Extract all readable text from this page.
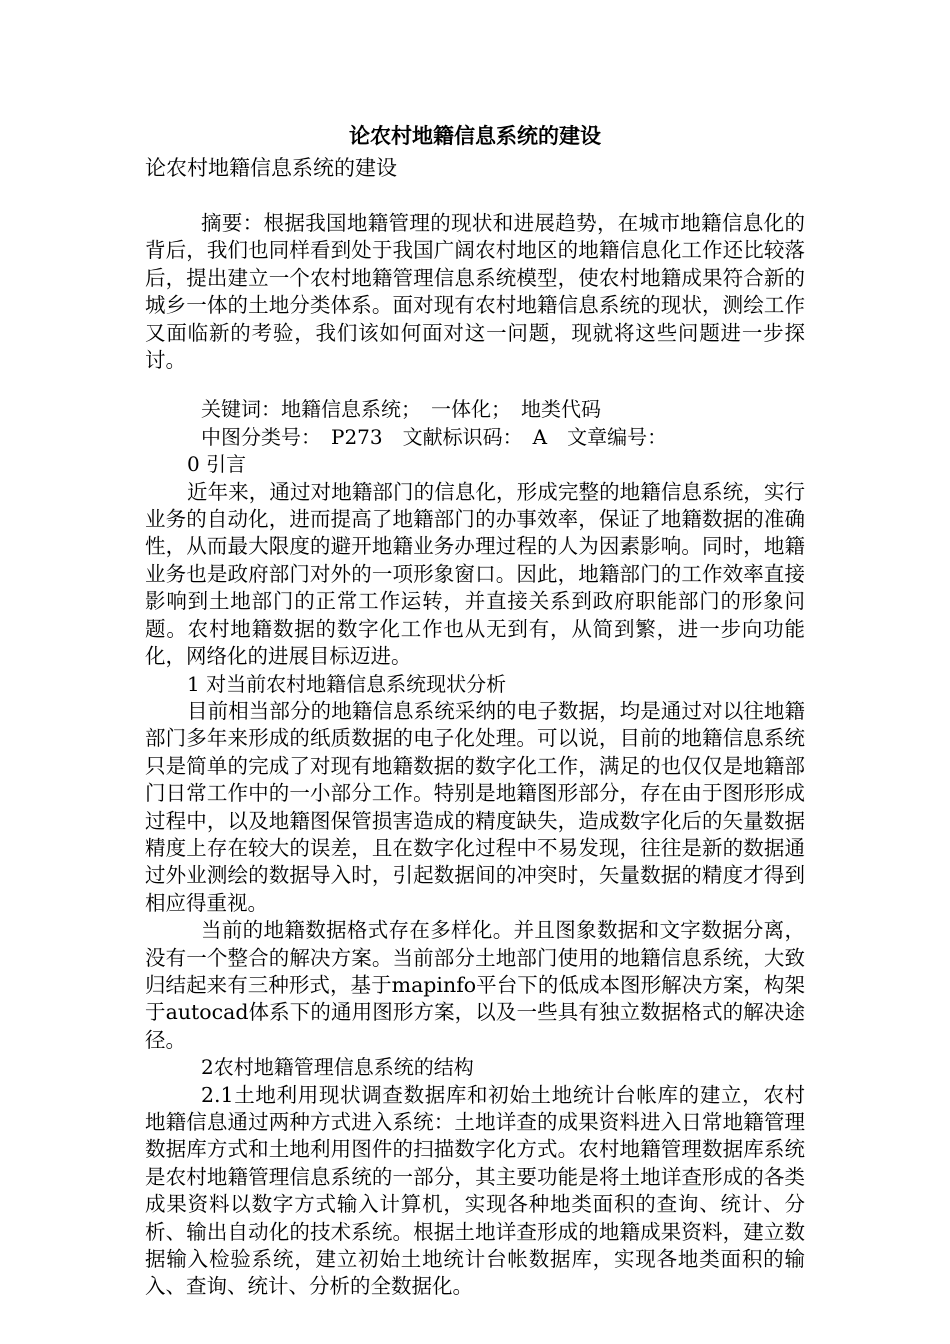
论农村地籍信息系统的建设

论农村地籍信息系统的建设

摘要：根据我国地籍管理的现状和进展趋势，在城市地籍信息化的背后，我们也同样看到处于我国广阔农村地区的地籍信息化工作还比较落后，提出建立一个农村地籍管理信息系统模型，使农村地籍成果符合新的城乡一体的土地分类体系。面对现有农村地籍信息系统的现状，测绘工作又面临新的考验，我们该如何面对这一问题，现就将这些问题进一步探讨。

关键词：地籍信息系统；　一体化；　地类代码

中图分类号：　P273　文献标识码：　A　文章编号：

0 引言

近年来，通过对地籍部门的信息化，形成完整的地籍信息系统，实行业务的自动化，进而提高了地籍部门的办事效率，保证了地籍数据的准确性，从而最大限度的避开地籍业务办理过程的人为因素影响。同时，地籍业务也是政府部门对外的一项形象窗口。因此，地籍部门的工作效率直接影响到土地部门的正常工作运转，并直接关系到政府职能部门的形象问题。农村地籍数据的数字化工作也从无到有，从简到繁，进一步向功能化，网络化的进展目标迈进。

1 对当前农村地籍信息系统现状分析

目前相当部分的地籍信息系统采纳的电子数据，均是通过对以往地籍部门多年来形成的纸质数据的电子化处理。可以说，目前的地籍信息系统只是简单的完成了对现有地籍数据的数字化工作，满足的也仅仅是地籍部门日常工作中的一小部分工作。特别是地籍图形部分，存在由于图形形成过程中，以及地籍图保管损害造成的精度缺失，造成数字化后的矢量数据精度上存在较大的误差，且在数字化过程中不易发现，往往是新的数据通过外业测绘的数据导入时，引起数据间的冲突时，矢量数据的精度才得到相应得重视。

当前的地籍数据格式存在多样化。并且图象数据和文字数据分离，没有一个整合的解决方案。当前部分土地部门使用的地籍信息系统，大致归结起来有三种形式，基于mapinfo平台下的低成本图形解决方案，构架于autocad体系下的通用图形方案，以及一些具有独立数据格式的解决途径。

2农村地籍管理信息系统的结构

2.1土地利用现状调查数据库和初始土地统计台帐库的建立，农村地籍信息通过两种方式进入系统：土地详查的成果资料进入日常地籍管理数据库方式和土地利用图件的扫描数字化方式。农村地籍管理数据库系统是农村地籍管理信息系统的一部分，其主要功能是将土地详查形成的各类成果资料以数字方式输入计算机，实现各种地类面积的查询、统计、分析、输出自动化的技术系统。根据土地详查形成的地籍成果资料，建立数据输入检验系统，建立初始土地统计台帐数据库，实现各地类面积的输入、查询、统计、分析的全数据化。
